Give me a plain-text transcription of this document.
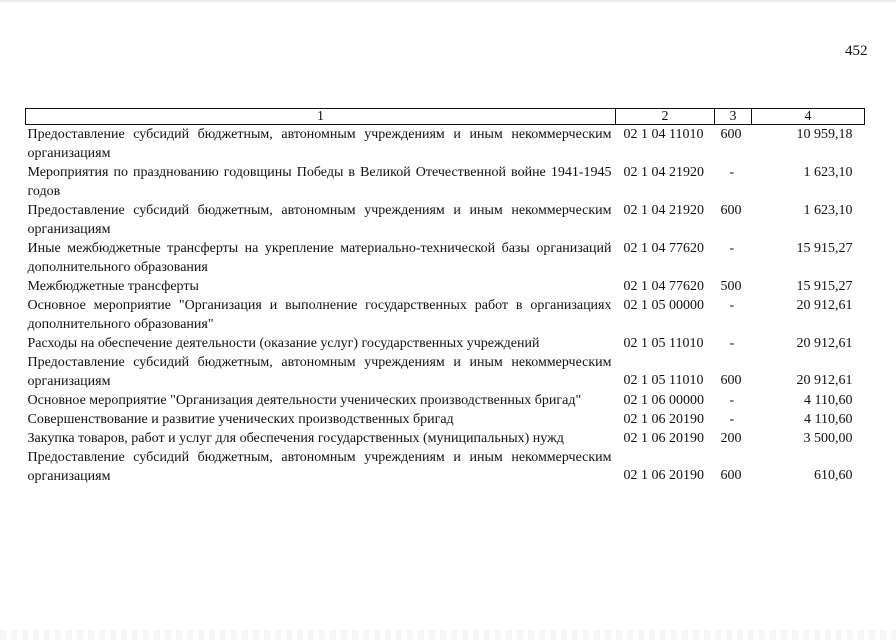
452
1	2	3	4

Предоставление субсидий бюджетным, автономным учреждениям и иным некоммерческим организациям	02 1 04 11010	600	10 959,18

Мероприятия по празднованию годовщины Победы в Великой Отечественной войне 1941-1945 годов	02 1 04 21920	-	1 623,10

Предоставление субсидий бюджетным, автономным учреждениям и иным некоммерческим организациям	02 1 04 21920	600	1 623,10

Иные межбюджетные трансферты на укрепление материально-технической базы организаций дополнительного образования	02 1 04 77620	-	15 915,27

Межбюджетные трансферты	02 1 04 77620	500	15 915,27

Основное мероприятие "Организация и выполнение государственных работ в организациях дополнительного образования"	02 1 05 00000	-	20 912,61

Расходы на обеспечение деятельности (оказание услуг) государственных учреждений	02 1 05 11010	-	20 912,61

Предоставление субсидий бюджетным, автономным учреждениям и иным некоммерческим организациям	02 1 05 11010	600	20 912,61

Основное мероприятие "Организация деятельности ученических производственных бригад"	02 1 06 00000	-	4 110,60

Совершенствование и развитие ученических производственных бригад	02 1 06 20190	-	4 110,60

Закупка товаров, работ и услуг для обеспечения государственных (муниципальных) нужд	02 1 06 20190	200	3 500,00

Предоставление субсидий бюджетным, автономным учреждениям и иным некоммерческим организациям	02 1 06 20190	600	610,60
